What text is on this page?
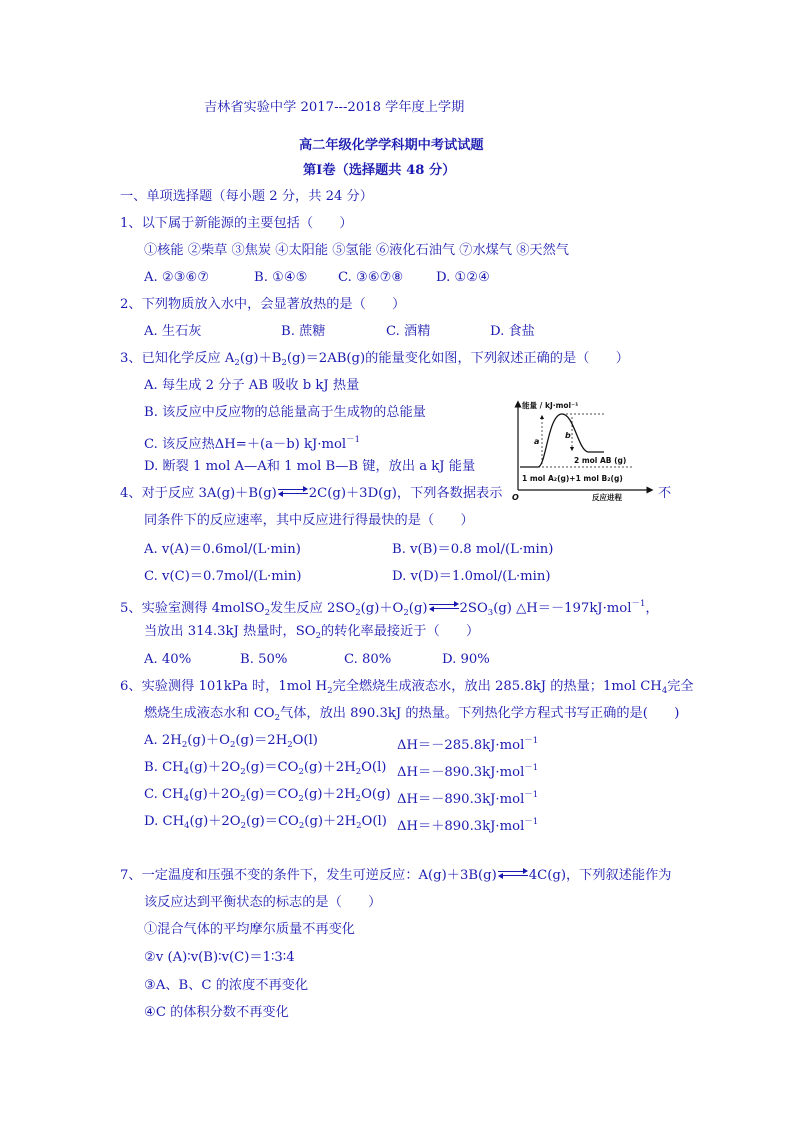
吉林省实验中学 2017---2018 学年度上学期
高二年级化学学科期中考试试题
第Ⅰ卷（选择题共 48 分）
一、单项选择题（每小题 2 分，共 24 分）
1、以下属于新能源的主要包括（　　）
①核能 ②柴草 ③焦炭 ④太阳能 ⑤氢能 ⑥液化石油气 ⑦水煤气 ⑧天然气
A. ②③⑥⑦	B. ①④⑤ C. ③⑥⑦⑧ D. ①②④
2、下列物质放入水中，会显著放热的是（　　）
A. 生石灰	B. 蔗糖	C. 酒精	D. 食盐
3、已知化学反应 $A_2(g)+B_2(g)=2AB(g)$的能量变化如图，下列叙述正确的是（　　）
A. 每生成 2 分子 AB 吸收 b kJ 热量
B. 该反应中反应物的总能量高于生成物的总能量
C. 该反应热ΔH=＋(a－b) kJ·mol$^{-1}$
D. 断裂 1 mol A—A和 1 mol B—B 键，放出 a kJ 能量
能量 / kJ·mol⁻¹
a
b
2 mol AB (g)
1 mol A₂(g)+1 mol B₂(g)
O	反应进程
4、对于反应 3A(g)＋B(g) 2C(g)＋3D(g)，下列各数据表示	不
同条件下的反应速率，其中反应进行得最快的是（　　）
A. v(A)＝0.6mol/(L·min)	B. v(B)＝0.8 mol/(L·min)
C. v(C)＝0.7mol/(L·min)	D. v(D)＝1.0mol/(L·min)
5、实验室测得 4molSO$_2$发生反应 $2SO_2(g)+O_2(g)$ $2SO_3(g)$ △H＝－197kJ·mol$^{-1}$，
当放出 314.3kJ 热量时，$SO_2$的转化率最接近于（　　）
A. 40%	B. 50%	C. 80%	D. 90%
6、实验测得 101kPa 时，1mol $H_2$完全燃烧生成液态水，放出 285.8kJ 的热量；1mol $CH_4$完全
燃烧生成液态水和 $CO_2$气体，放出 890.3kJ 的热量。下列热化学方程式书写正确的是(　　)
A. $2H_2(g)+O_2(g)=2H_2O(l)$	ΔH＝－285.8kJ·mol$^{-1}$
B. $CH_4(g)+2O_2(g)=CO_2(g)+2H_2O(l)$ ΔH＝－890.3kJ·mol$^{-1}$
C. $CH_4(g)+2O_2(g)=CO_2(g)+2H_2O(g)$ ΔH＝－890.3kJ·mol$^{-1}$
D. $CH_4(g)+2O_2(g)=CO_2(g)+2H_2O(l)$ ΔH＝＋890.3kJ·mol$^{-1}$
7、一定温度和压强不变的条件下，发生可逆反应：A(g)＋3B(g) 4C(g)，下列叙述能作为
该反应达到平衡状态的标志的是（　　）
①混合气体的平均摩尔质量不再变化
②v (A)∶v(B)∶v(C)＝1∶3∶4
③A、B、C 的浓度不再变化
④C 的体积分数不再变化
